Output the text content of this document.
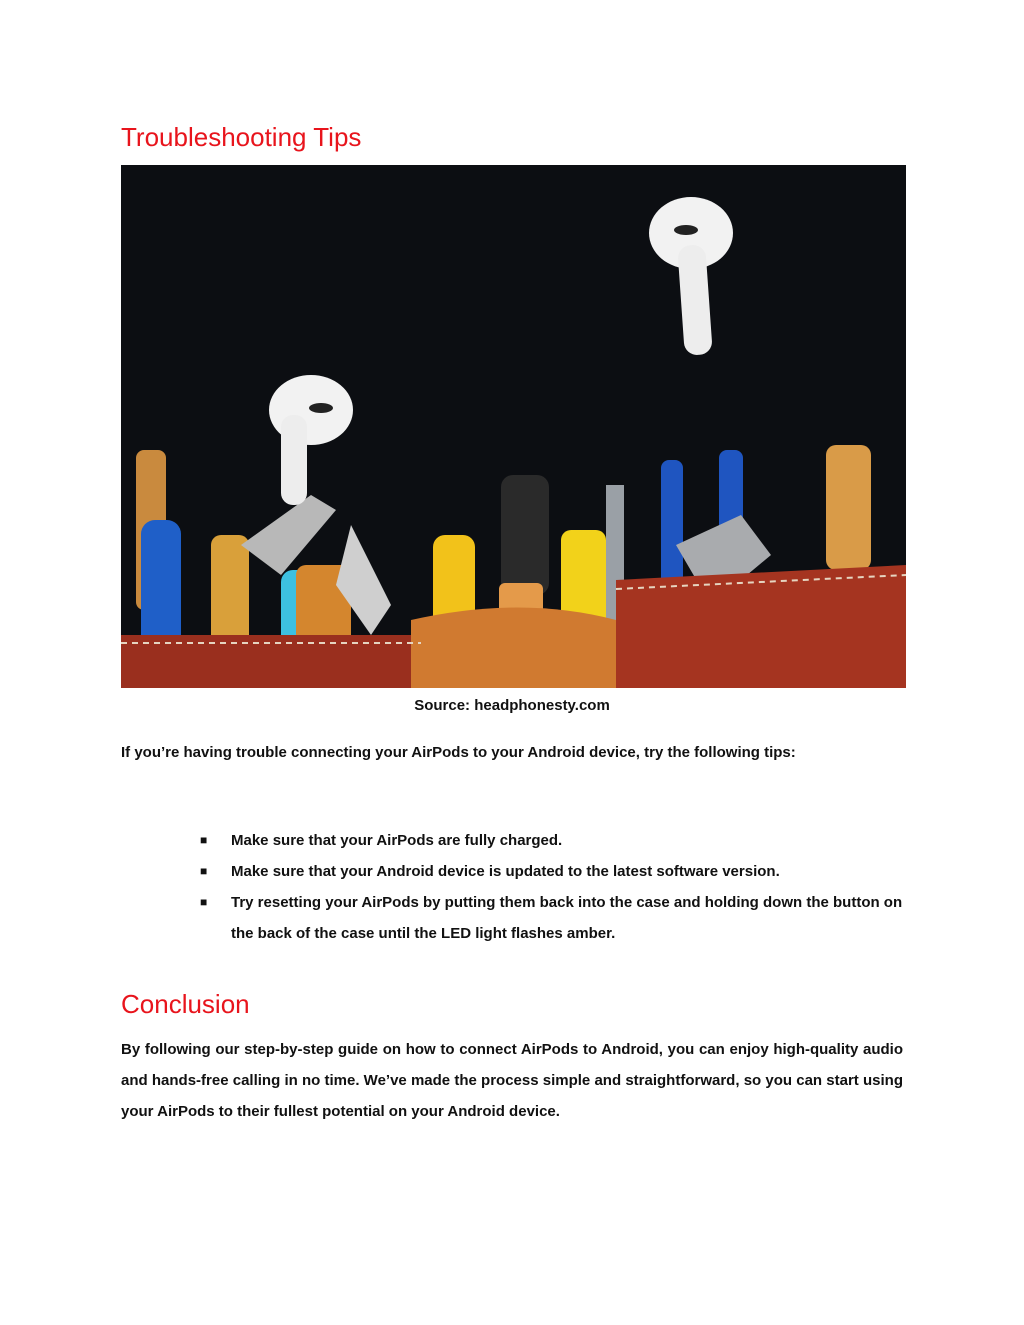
Troubleshooting Tips
Source: headphonesty.com

If you’re having trouble connecting your AirPods to your Android device, try the following tips:

■	Make sure that your AirPods are fully charged.
■	Make sure that your Android device is updated to the latest software version.
■	Try resetting your AirPods by putting them back into the case and holding down the button on the back of the case until the LED light flashes amber.
Conclusion

By following our step-by-step guide on how to connect AirPods to Android, you can enjoy high-quality audio and hands-free calling in no time. We’ve made the process simple and straightforward, so you can start using your AirPods to their fullest potential on your Android device.
